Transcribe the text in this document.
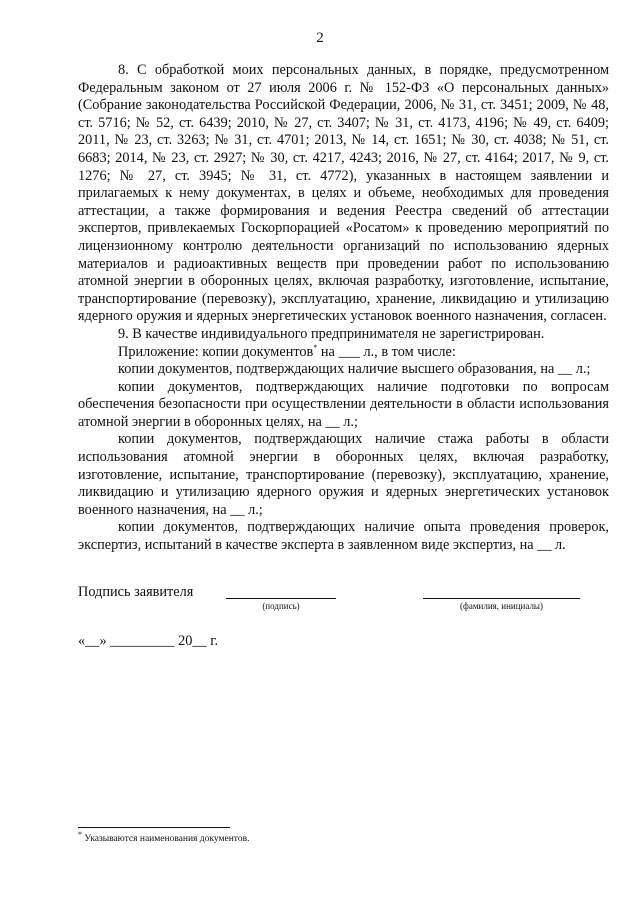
2

8. С обработкой моих персональных данных, в порядке, предусмотренном Федеральным законом от 27 июля 2006 г. № 152-ФЗ «О персональных данных» (Собрание законодательства Российской Федерации, 2006, № 31, ст. 3451; 2009, № 48, ст. 5716; № 52, ст. 6439; 2010, № 27, ст. 3407; № 31, ст. 4173, 4196; № 49, ст. 6409; 2011, № 23, ст. 3263; № 31, ст. 4701; 2013, № 14, ст. 1651; № 30, ст. 4038; № 51, ст. 6683; 2014, № 23, ст. 2927; № 30, ст. 4217, 4243; 2016, № 27, ст. 4164; 2017, № 9, ст. 1276; № 27, ст. 3945; № 31, ст. 4772), указанных в настоящем заявлении и прилагаемых к нему документах, в целях и объеме, необходимых для проведения аттестации, а также формирования и ведения Реестра сведений об аттестации экспертов, привлекаемых Госкорпорацией «Росатом» к проведению мероприятий по лицензионному контролю деятельности организаций по использованию ядерных материалов и радиоактивных веществ при проведении работ по использованию атомной энергии в оборонных целях, включая разработку, изготовление, испытание, транспортирование (перевозку), эксплуатацию, хранение, ликвидацию и утилизацию ядерного оружия и ядерных энергетических установок военного назначения, согласен.

9. В качестве индивидуального предпринимателя не зарегистрирован.

Приложение: копии документов* на ___ л., в том числе:

копии документов, подтверждающих наличие высшего образования, на __ л.;

копии документов, подтверждающих наличие подготовки по вопросам обеспечения безопасности при осуществлении деятельности в области использования атомной энергии в оборонных целях, на __ л.;

копии документов, подтверждающих наличие стажа работы в области использования атомной энергии в оборонных целях, включая разработку, изготовление, испытание, транспортирование (перевозку), эксплуатацию, хранение, ликвидацию и утилизацию ядерного оружия и ядерных энергетических установок военного назначения, на __ л.;

копии документов, подтверждающих наличие опыта проведения проверок, экспертиз, испытаний в качестве эксперта в заявленном виде экспертиз, на __ л.

Подпись заявителя
(подпись)	(фамилия, инициалы)
«__» _________ 20__ г.
* Указываются наименования документов.
